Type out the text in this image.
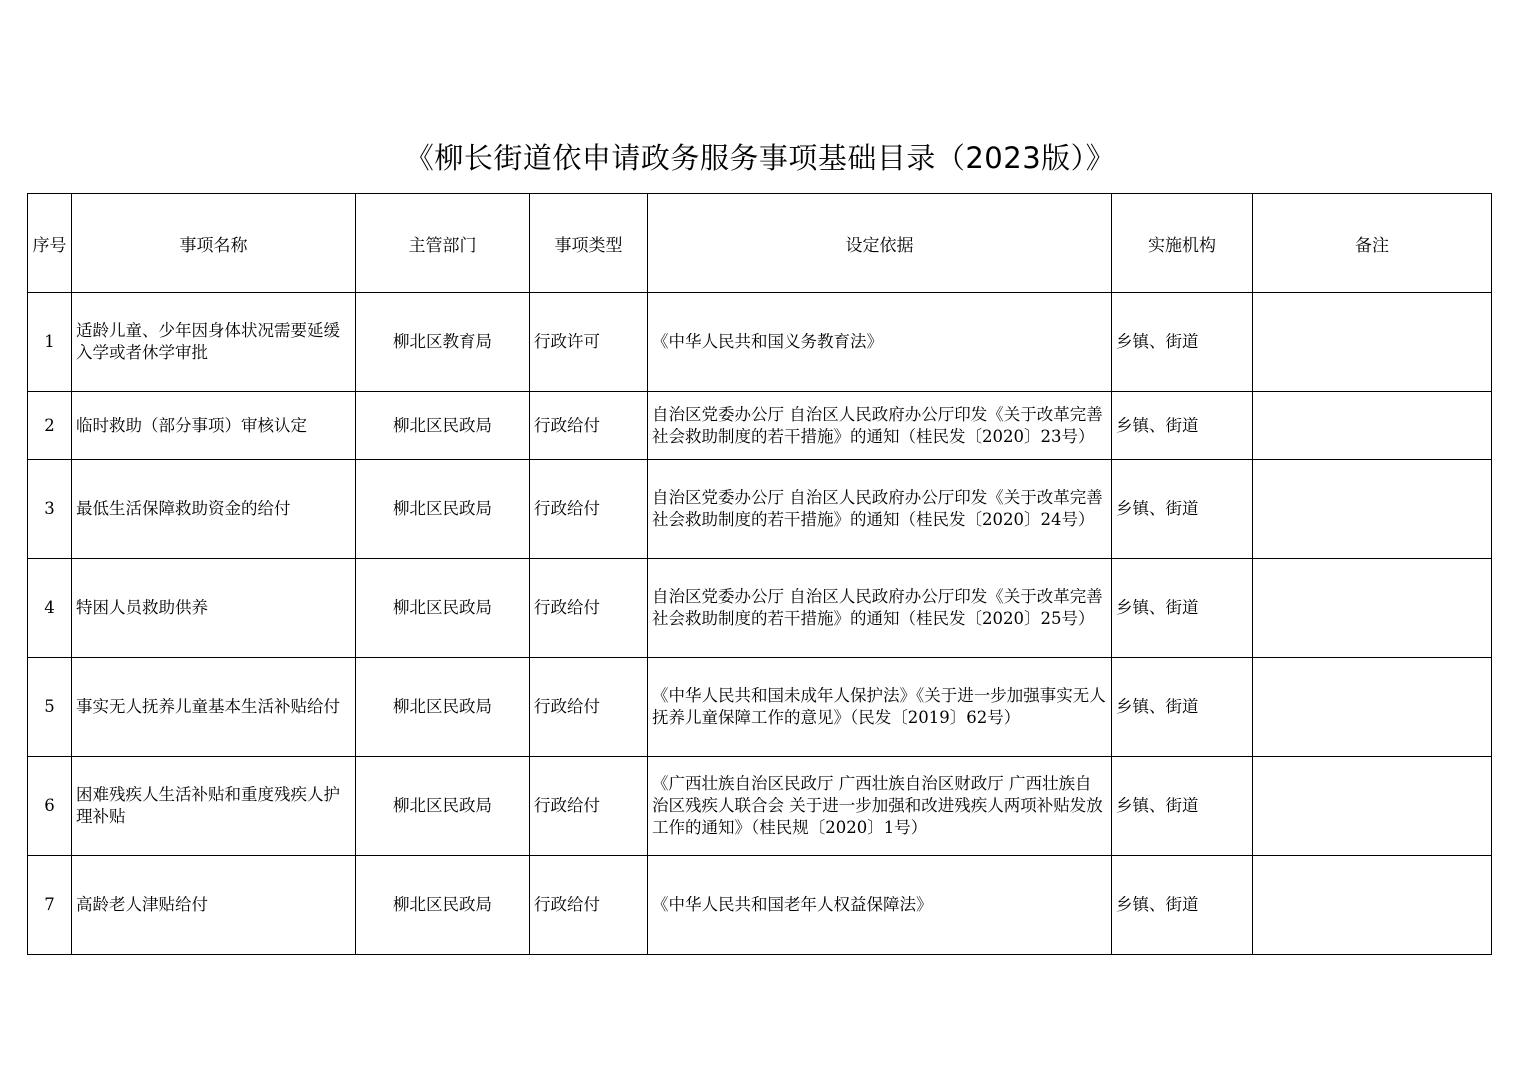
《柳长街道依申请政务服务事项基础目录（2023版）》
序号	事项名称	主管部门	事项类型	设定依据	实施机构	备注
1	适龄儿童、少年因身体状况需要延缓入学或者休学审批	柳北区教育局	行政许可	《中华人民共和国义务教育法》	乡镇、街道	
2	临时救助（部分事项）审核认定	柳北区民政局	行政给付	自治区党委办公厅 自治区人民政府办公厅印发《关于改革完善社会救助制度的若干措施》的通知（桂民发〔2020〕23号）	乡镇、街道	
3	最低生活保障救助资金的给付	柳北区民政局	行政给付	自治区党委办公厅 自治区人民政府办公厅印发《关于改革完善社会救助制度的若干措施》的通知（桂民发〔2020〕24号）	乡镇、街道	
4	特困人员救助供养	柳北区民政局	行政给付	自治区党委办公厅 自治区人民政府办公厅印发《关于改革完善社会救助制度的若干措施》的通知（桂民发〔2020〕25号）	乡镇、街道	
5	事实无人抚养儿童基本生活补贴给付	柳北区民政局	行政给付	《中华人民共和国未成年人保护法》《关于进一步加强事实无人抚养儿童保障工作的意见》（民发〔2019〕62号）	乡镇、街道	
6	困难残疾人生活补贴和重度残疾人护理补贴	柳北区民政局	行政给付	《广西壮族自治区民政厅 广西壮族自治区财政厅 广西壮族自治区残疾人联合会 关于进一步加强和改进残疾人两项补贴发放工作的通知》（桂民规〔2020〕1号）	乡镇、街道	
7	高龄老人津贴给付	柳北区民政局	行政给付	《中华人民共和国老年人权益保障法》	乡镇、街道	
